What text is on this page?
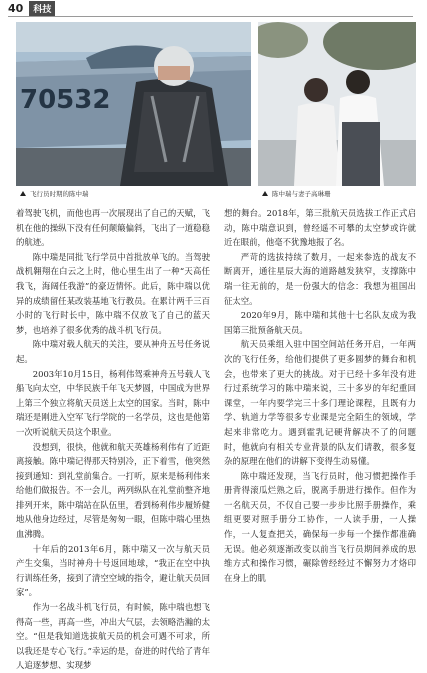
40	科技
70532
飞行员时期的陈中瑞	陈中瑞与妻子高琳珊

着驾驶飞机，而他也再一次展现出了自己的天赋，飞机在他的操纵下没有任何颠簸偏斜，飞出了一道稳稳的航迹。

陈中瑞是同批飞行学员中首批放单飞的。当驾驶战机翱翔在白云之上时，他心里生出了一种“天高任我飞，海阔任我游”的豪迈情怀。此后，陈中瑞以优异的成绩留任某改装基地飞行教员。在累计两千三百小时的飞行时长中，陈中瑞不仅放飞了自己的蓝天梦，也培养了很多优秀的战斗机飞行员。

陈中瑞对载人航天的关注，要从神舟五号任务说起。

2003年10月15日，杨利伟驾乘神舟五号载人飞船飞向太空，中华民族千年飞天梦圆，中国成为世界上第三个独立将航天员送上太空的国家。当时，陈中瑞还是刚进入空军飞行学院的一名学员，这也是他第一次听说航天员这个职业。

没想到，很快，他就和航天英雄杨利伟有了近距离接触。陈中瑞记得那天特别冷，正下着雪，他突然接到通知：到礼堂前集合。一打听，原来是杨利伟来给他们做报告。不一会儿，两列纵队在礼堂前整齐地排列开来，陈中瑞站在队伍里，看到杨利伟步履矫健地从他身边经过，尽管是匆匆一眼，但陈中瑞心里热血沸腾。

十年后的2013年6月，陈中瑞又一次与航天员产生交集，当时神舟十号返回地球，“我正在空中执行训练任务，接到了清空空域的指令，避让航天员回家”。

作为一名战斗机飞行员，有时候，陈中瑞也想飞得高一些，再高一些，冲出大气层，去领略浩瀚的太空。“但是我知道选拔航天员的机会可遇不可求，所以我还是专心飞行。”幸运的是，奋进的时代给了青年人追逐梦想、实现梦

想的舞台。2018年，第三批航天员选拔工作正式启动，陈中瑞意识到，曾经遥不可攀的太空梦或许就近在眼前，他毫不犹豫地报了名。

严苛的选拔持续了数月，一起来参选的战友不断离开，通往星辰大海的道路越发狭窄，支撑陈中瑞一往无前的，是一份强大的信念：我想为祖国出征太空。

2020年9月，陈中瑞和其他十七名队友成为我国第三批预备航天员。

航天员乘组入驻中国空间站任务开启，一年两次的飞行任务，给他们提供了更多圆梦的舞台和机会，也带来了更大的挑战。对于已经十多年没有进行过系统学习的陈中瑞来说，三十多岁的年纪重回课堂，一年内要学完三十多门理论课程，且既有力学、轨道力学等很多专业课是完全陌生的领域，学起来非常吃力。遇到霍乳记硬背解决不了的问题时，他就向有相关专业背景的队友们请教，很多复杂的原理在他们的讲解下变得生动易懂。

陈中瑞还发现，当飞行员时，他习惯把操作手册背得滚瓜烂熟之后，脱离手册进行操作。但作为一名航天员，不仅自己要一步步比照手册操作，乘组更要对照手册分工协作，一人读手册，一人操作，一人复查把关，确保每一步每一个操作都准确无误。他必须逐渐改变以前当飞行员期间养成的思维方式和操作习惯，碾除曾经经过不懈努力才烙印在身上的肌
